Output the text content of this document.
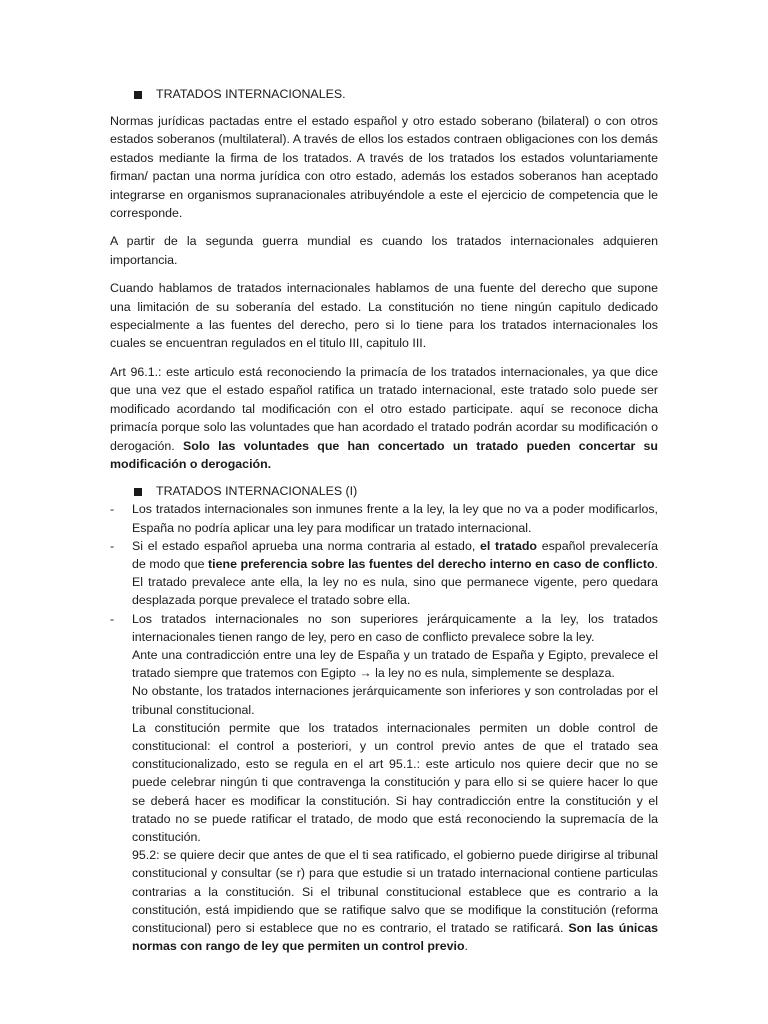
TRATADOS INTERNACIONALES.

Normas jurídicas pactadas entre el estado español y otro estado soberano (bilateral) o con otros estados soberanos (multilateral). A través de ellos los estados contraen obligaciones con los demás estados mediante la firma de los tratados. A través de los tratados los estados voluntariamente firman/ pactan una norma jurídica con otro estado, además los estados soberanos han aceptado integrarse en organismos supranacionales atribuyéndole a este el ejercicio de competencia que le corresponde.

A partir de la segunda guerra mundial es cuando los tratados internacionales adquieren importancia.

Cuando hablamos de tratados internacionales hablamos de una fuente del derecho que supone una limitación de su soberanía del estado. La constitución no tiene ningún capitulo dedicado especialmente a las fuentes del derecho, pero si lo tiene para los tratados internacionales los cuales se encuentran regulados en el titulo III, capitulo III.

Art 96.1.: este articulo está reconociendo la primacía de los tratados internacionales, ya que dice que una vez que el estado español ratifica un tratado internacional, este tratado solo puede ser modificado acordando tal modificación con el otro estado participate. aquí se reconoce dicha primacía porque solo las voluntades que han acordado el tratado podrán acordar su modificación o derogación. Solo las voluntades que han concertado un tratado pueden concertar su modificación o derogación.

TRATADOS INTERNACIONALES (I)
- Los tratados internacionales son inmunes frente a la ley, la ley que no va a poder modificarlos, España no podría aplicar una ley para modificar un tratado internacional.
- Si el estado español aprueba una norma contraria al estado, el tratado español prevalecería de modo que tiene preferencia sobre las fuentes del derecho interno en caso de conflicto. El tratado prevalece ante ella, la ley no es nula, sino que permanece vigente, pero quedara desplazada porque prevalece el tratado sobre ella.
- Los tratados internacionales no son superiores jerárquicamente a la ley, los tratados internacionales tienen rango de ley, pero en caso de conflicto prevalece sobre la ley.
Ante una contradicción entre una ley de España y un tratado de España y Egipto, prevalece el tratado siempre que tratemos con Egipto → la ley no es nula, simplemente se desplaza.
No obstante, los tratados internaciones jerárquicamente son inferiores y son controladas por el tribunal constitucional.
La constitución permite que los tratados internacionales permiten un doble control de constitucional: el control a posteriori, y un control previo antes de que el tratado sea constitucionalizado, esto se regula en el art 95.1.: este articulo nos quiere decir que no se puede celebrar ningún ti que contravenga la constitución y para ello si se quiere hacer lo que se deberá hacer es modificar la constitución. Si hay contradicción entre la constitución y el tratado no se puede ratificar el tratado, de modo que está reconociendo la supremacía de la constitución.
95.2: se quiere decir que antes de que el ti sea ratificado, el gobierno puede dirigirse al tribunal constitucional y consultar (se r) para que estudie si un tratado internacional contiene particulas contrarias a la constitución. Si el tribunal constitucional establece que es contrario a la constitución, está impidiendo que se ratifique salvo que se modifique la constitución (reforma constitucional) pero si establece que no es contrario, el tratado se ratificará. Son las únicas normas con rango de ley que permiten un control previo.
